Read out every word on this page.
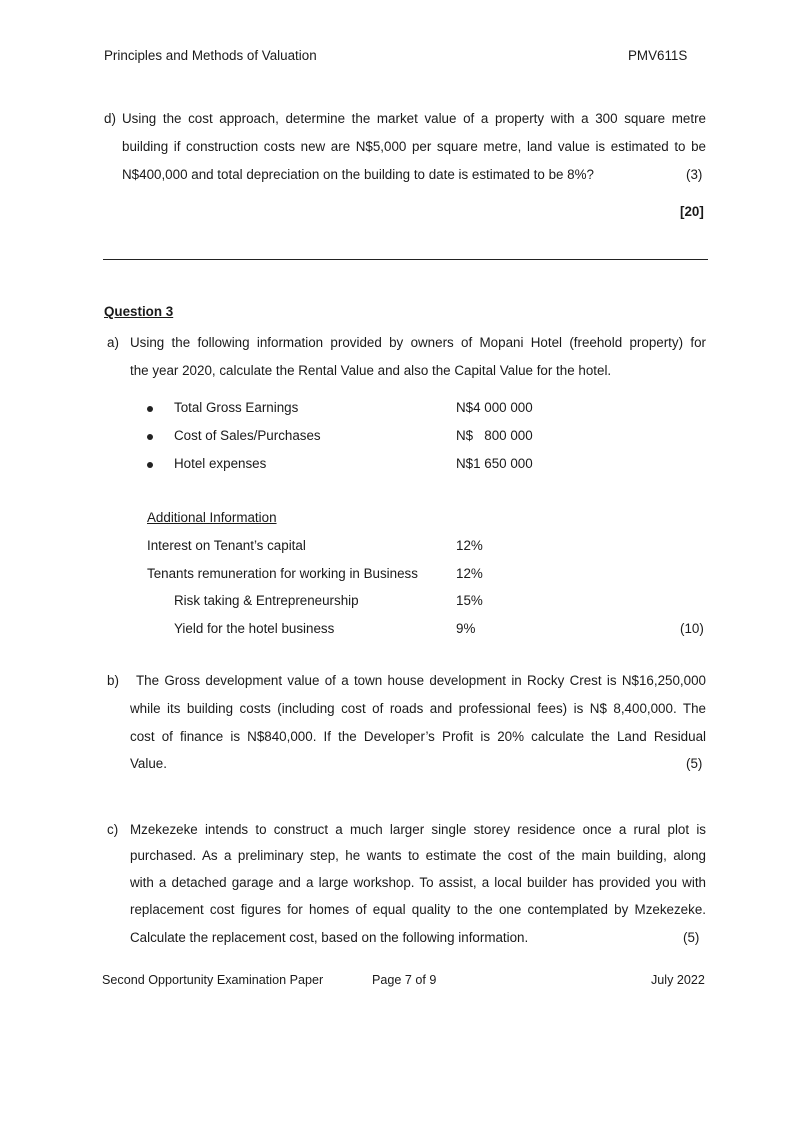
Principles and Methods of Valuation	PMV611S
d) Using the cost approach, determine the market value of a property with a 300 square metre
building if construction costs new are N$5,000 per square metre, land value is estimated to be
N$400,000 and total depreciation on the building to date is estimated to be 8%?	(3)
[20]
Question 3
a) Using the following information provided by owners of Mopani Hotel (freehold property) for
the year 2020, calculate the Rental Value and also the Capital Value for the hotel.
Total Gross Earnings	N$4 000 000
Cost of Sales/Purchases	N$   800 000
Hotel expenses	N$1 650 000
Additional Information
Interest on Tenant’s capital	12%
Tenants remuneration for working in Business	12%
Risk taking & Entrepreneurship	15%
Yield for the hotel business	9%	(10)
b) The Gross development value of a town house development in Rocky Crest is N$16,250,000
while its building costs (including cost of roads and professional fees) is N$ 8,400,000. The
cost of finance is N$840,000. If the Developer’s Profit is 20% calculate the Land Residual
Value.	(5)
c) Mzekezeke intends to construct a much larger single storey residence once a rural plot is
purchased. As a preliminary step, he wants to estimate the cost of the main building, along
with a detached garage and a large workshop. To assist, a local builder has provided you with
replacement cost figures for homes of equal quality to the one contemplated by Mzekezeke.
Calculate the replacement cost, based on the following information.	(5)
Second Opportunity Examination Paper	Page 7 of 9	July 2022
